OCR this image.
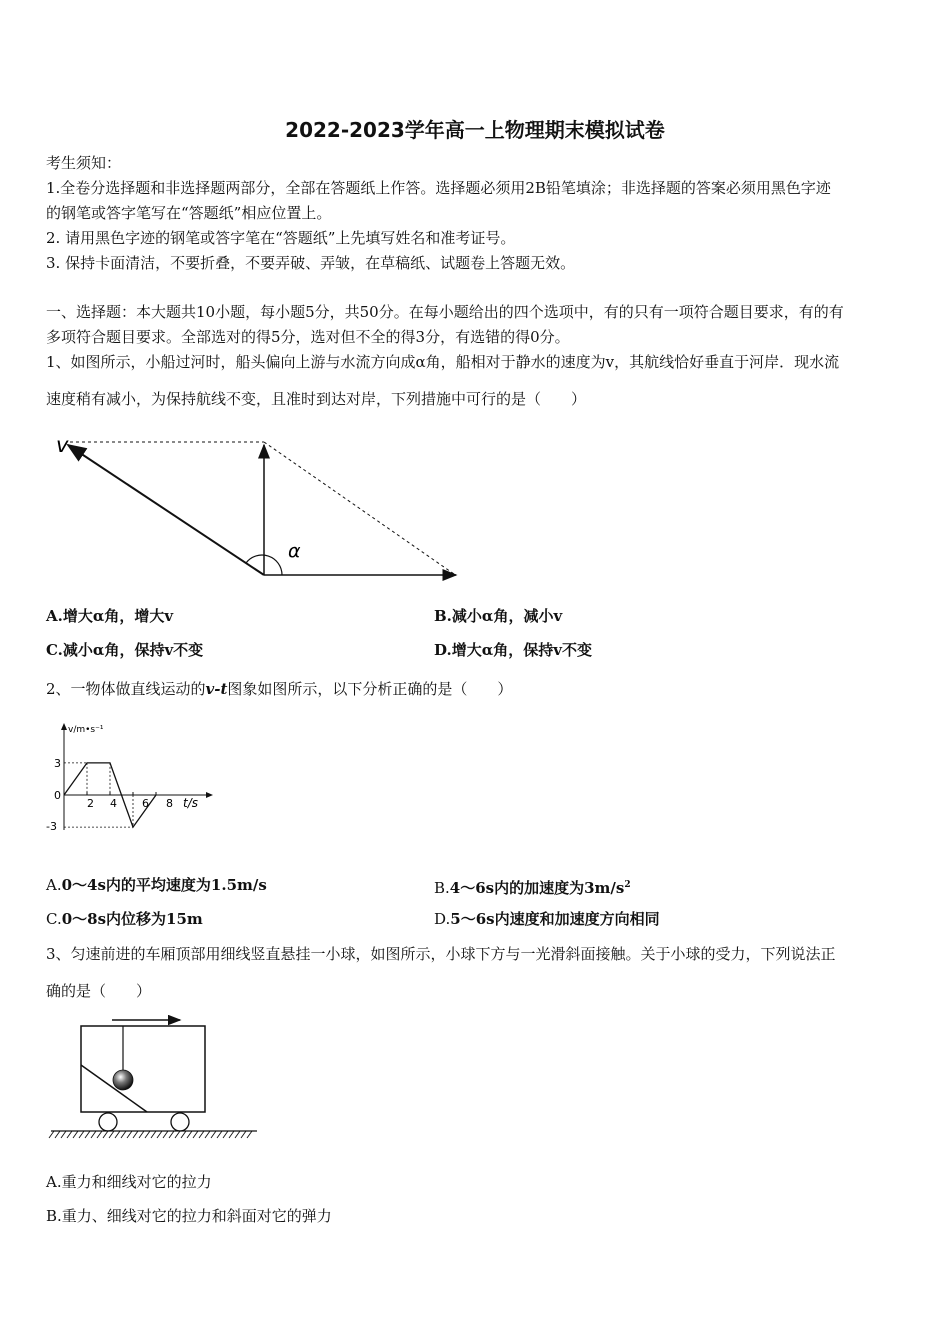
2022-2023学年高一上物理期末模拟试卷
考生须知：
1.全卷分选择题和非选择题两部分，全部在答题纸上作答。选择题必须用2B铅笔填涂；非选择题的答案必须用黑色字迹
的钢笔或答字笔写在“答题纸”相应位置上。
2. 请用黑色字迹的钢笔或答字笔在“答题纸”上先填写姓名和准考证号。
3. 保持卡面清洁，不要折叠，不要弄破、弄皱，在草稿纸、试题卷上答题无效。
一、选择题：本大题共10小题，每小题5分，共50分。在每小题给出的四个选项中，有的只有一项符合题目要求，有的有
多项符合题目要求。全部选对的得5分，选对但不全的得3分，有选错的得0分。
1、如图所示，小船过河时，船头偏向上游与水流方向成α角，船相对于静水的速度为v，其航线恰好垂直于河岸．现水流
速度稍有减小，为保持航线不变，且准时到达对岸，下列措施中可行的是（　　）
v
α
A.增大α角，增大v	B.减小α角，减小v
C.减小α角，保持v不变	D.增大α角，保持v不变
2、一物体做直线运动的v-t图象如图所示，以下分析正确的是（　　）
v/m•s⁻¹
t/s
3
0
-3
2 4 6 8
A.0～4s内的平均速度为1.5m/s	B.4～6s内的加速度为$3m/s^2$
C.0～8s内位移为15m	D.5～6s内速度和加速度方向相同
3、匀速前进的车厢顶部用细线竖直悬挂一小球，如图所示，小球下方与一光滑斜面接触。关于小球的受力，下列说法正
确的是（　　）
A.重力和细线对它的拉力
B.重力、细线对它的拉力和斜面对它的弹力
